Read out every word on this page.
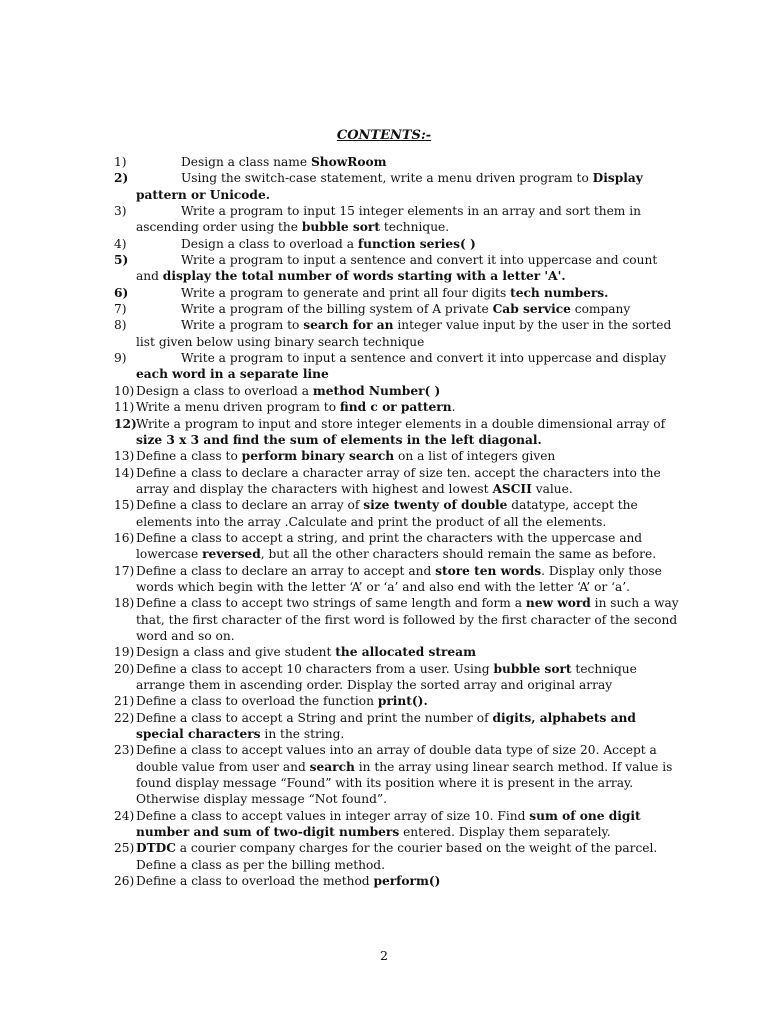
CONTENTS:-
1)	Design a class name ShowRoom
2)	Using the switch-case statement, write a menu driven program to Display pattern or Unicode.
3)	Write a program to input 15 integer elements in an array and sort them in ascending order using the bubble sort technique.
4)	Design a class to overload a function series( )
5)	Write a program to input a sentence and convert it into uppercase and count and display the total number of words starting with a letter 'A'.
6)	Write a program to generate and print all four digits tech numbers.
7)	Write a program of the billing system of A private Cab service company
8)	Write a program to search for an integer value input by the user in the sorted list given below using binary search technique
9)	Write a program to input a sentence and convert it into uppercase and display each word in a separate line
10) Design a class to overload a method Number( )
11) Write a menu driven program to find c or pattern.
12) Write a program to input and store integer elements in a double dimensional array of size 3 x 3 and find the sum of elements in the left diagonal.
13) Define a class to perform binary search on a list of integers given
14) Define a class to declare a character array of size ten. accept the characters into the array and display the characters with highest and lowest ASCII value.
15) Define a class to declare an array of size twenty of double datatype, accept the elements into the array .Calculate and print the product of all the elements.
16) Define a class to accept a string, and print the characters with the uppercase and lowercase reversed, but all the other characters should remain the same as before.
17) Define a class to declare an array to accept and store ten words. Display only those words which begin with the letter ‘A’ or ‘a’ and also end with the letter ‘A’ or ‘a’.
18) Define a class to accept two strings of same length and form a new word in such a way that, the first character of the first word is followed by the first character of the second word and so on.
19) Design a class and give student the allocated stream
20) Define a class to accept 10 characters from a user. Using bubble sort technique arrange them in ascending order. Display the sorted array and original array
21) Define a class to overload the function print().
22) Define a class to accept a String and print the number of digits, alphabets and special characters in the string.
23) Define a class to accept values into an array of double data type of size 20. Accept a double value from user and search in the array using linear search method. If value is found display message “Found” with its position where it is present in the array. Otherwise display message “Not found”.
24) Define a class to accept values in integer array of size 10. Find sum of one digit number and sum of two-digit numbers entered. Display them separately.
25) DTDC a courier company charges for the courier based on the weight of the parcel. Define a class as per the billing method.
26) Define a class to overload the method perform()
2
